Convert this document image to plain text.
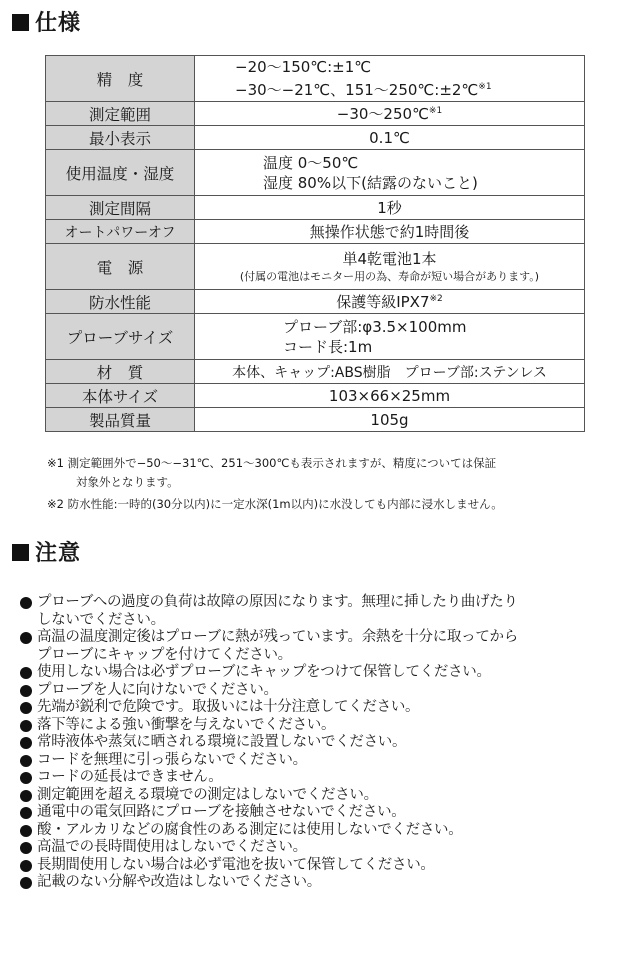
仕様
精　度	−20〜150℃:±1℃
−30〜−21℃、151〜250℃:±2℃$^{※1}$

測定範囲	−30〜250℃$^{※1}$
最小表示	0.1℃
使用温度・湿度	温度 0〜50℃
湿度 80%以下(結露のないこと)

測定間隔	1秒
オートパワーオフ	無操作状態で約1時間後
電　源	単4乾電池1本
(付属の電池はモニター用の為、寿命が短い場合があります。)

防水性能	保護等級IPX7$^{※2}$
プローブサイズ	プローブ部:φ3.5×100mm
コード長:1m

材　質	本体、キャップ:ABS樹脂　プローブ部:ステンレス
本体サイズ	103×66×25mm
製品質量	105g
※1 測定範囲外で−50〜−31℃、251〜300℃も表示されますが、精度については保証
対象外となります。
※2 防水性能:一時的(30分以内)に一定水深(1m以内)に水没しても内部に浸水しません。
注意
プローブへの過度の負荷は故障の原因になります。無理に挿したり曲げたり
しないでください。
高温の温度測定後はプローブに熱が残っています。余熱を十分に取ってから
プローブにキャップを付けてください。
使用しない場合は必ずプローブにキャップをつけて保管してください。
プローブを人に向けないでください。
先端が鋭利で危険です。取扱いには十分注意してください。
落下等による強い衝撃を与えないでください。
常時液体や蒸気に晒される環境に設置しないでください。
コードを無理に引っ張らないでください。
コードの延長はできません。
測定範囲を超える環境での測定はしないでください。
通電中の電気回路にプローブを接触させないでください。
酸・アルカリなどの腐食性のある測定には使用しないでください。
高温での長時間使用はしないでください。
長期間使用しない場合は必ず電池を抜いて保管してください。
記載のない分解や改造はしないでください。
